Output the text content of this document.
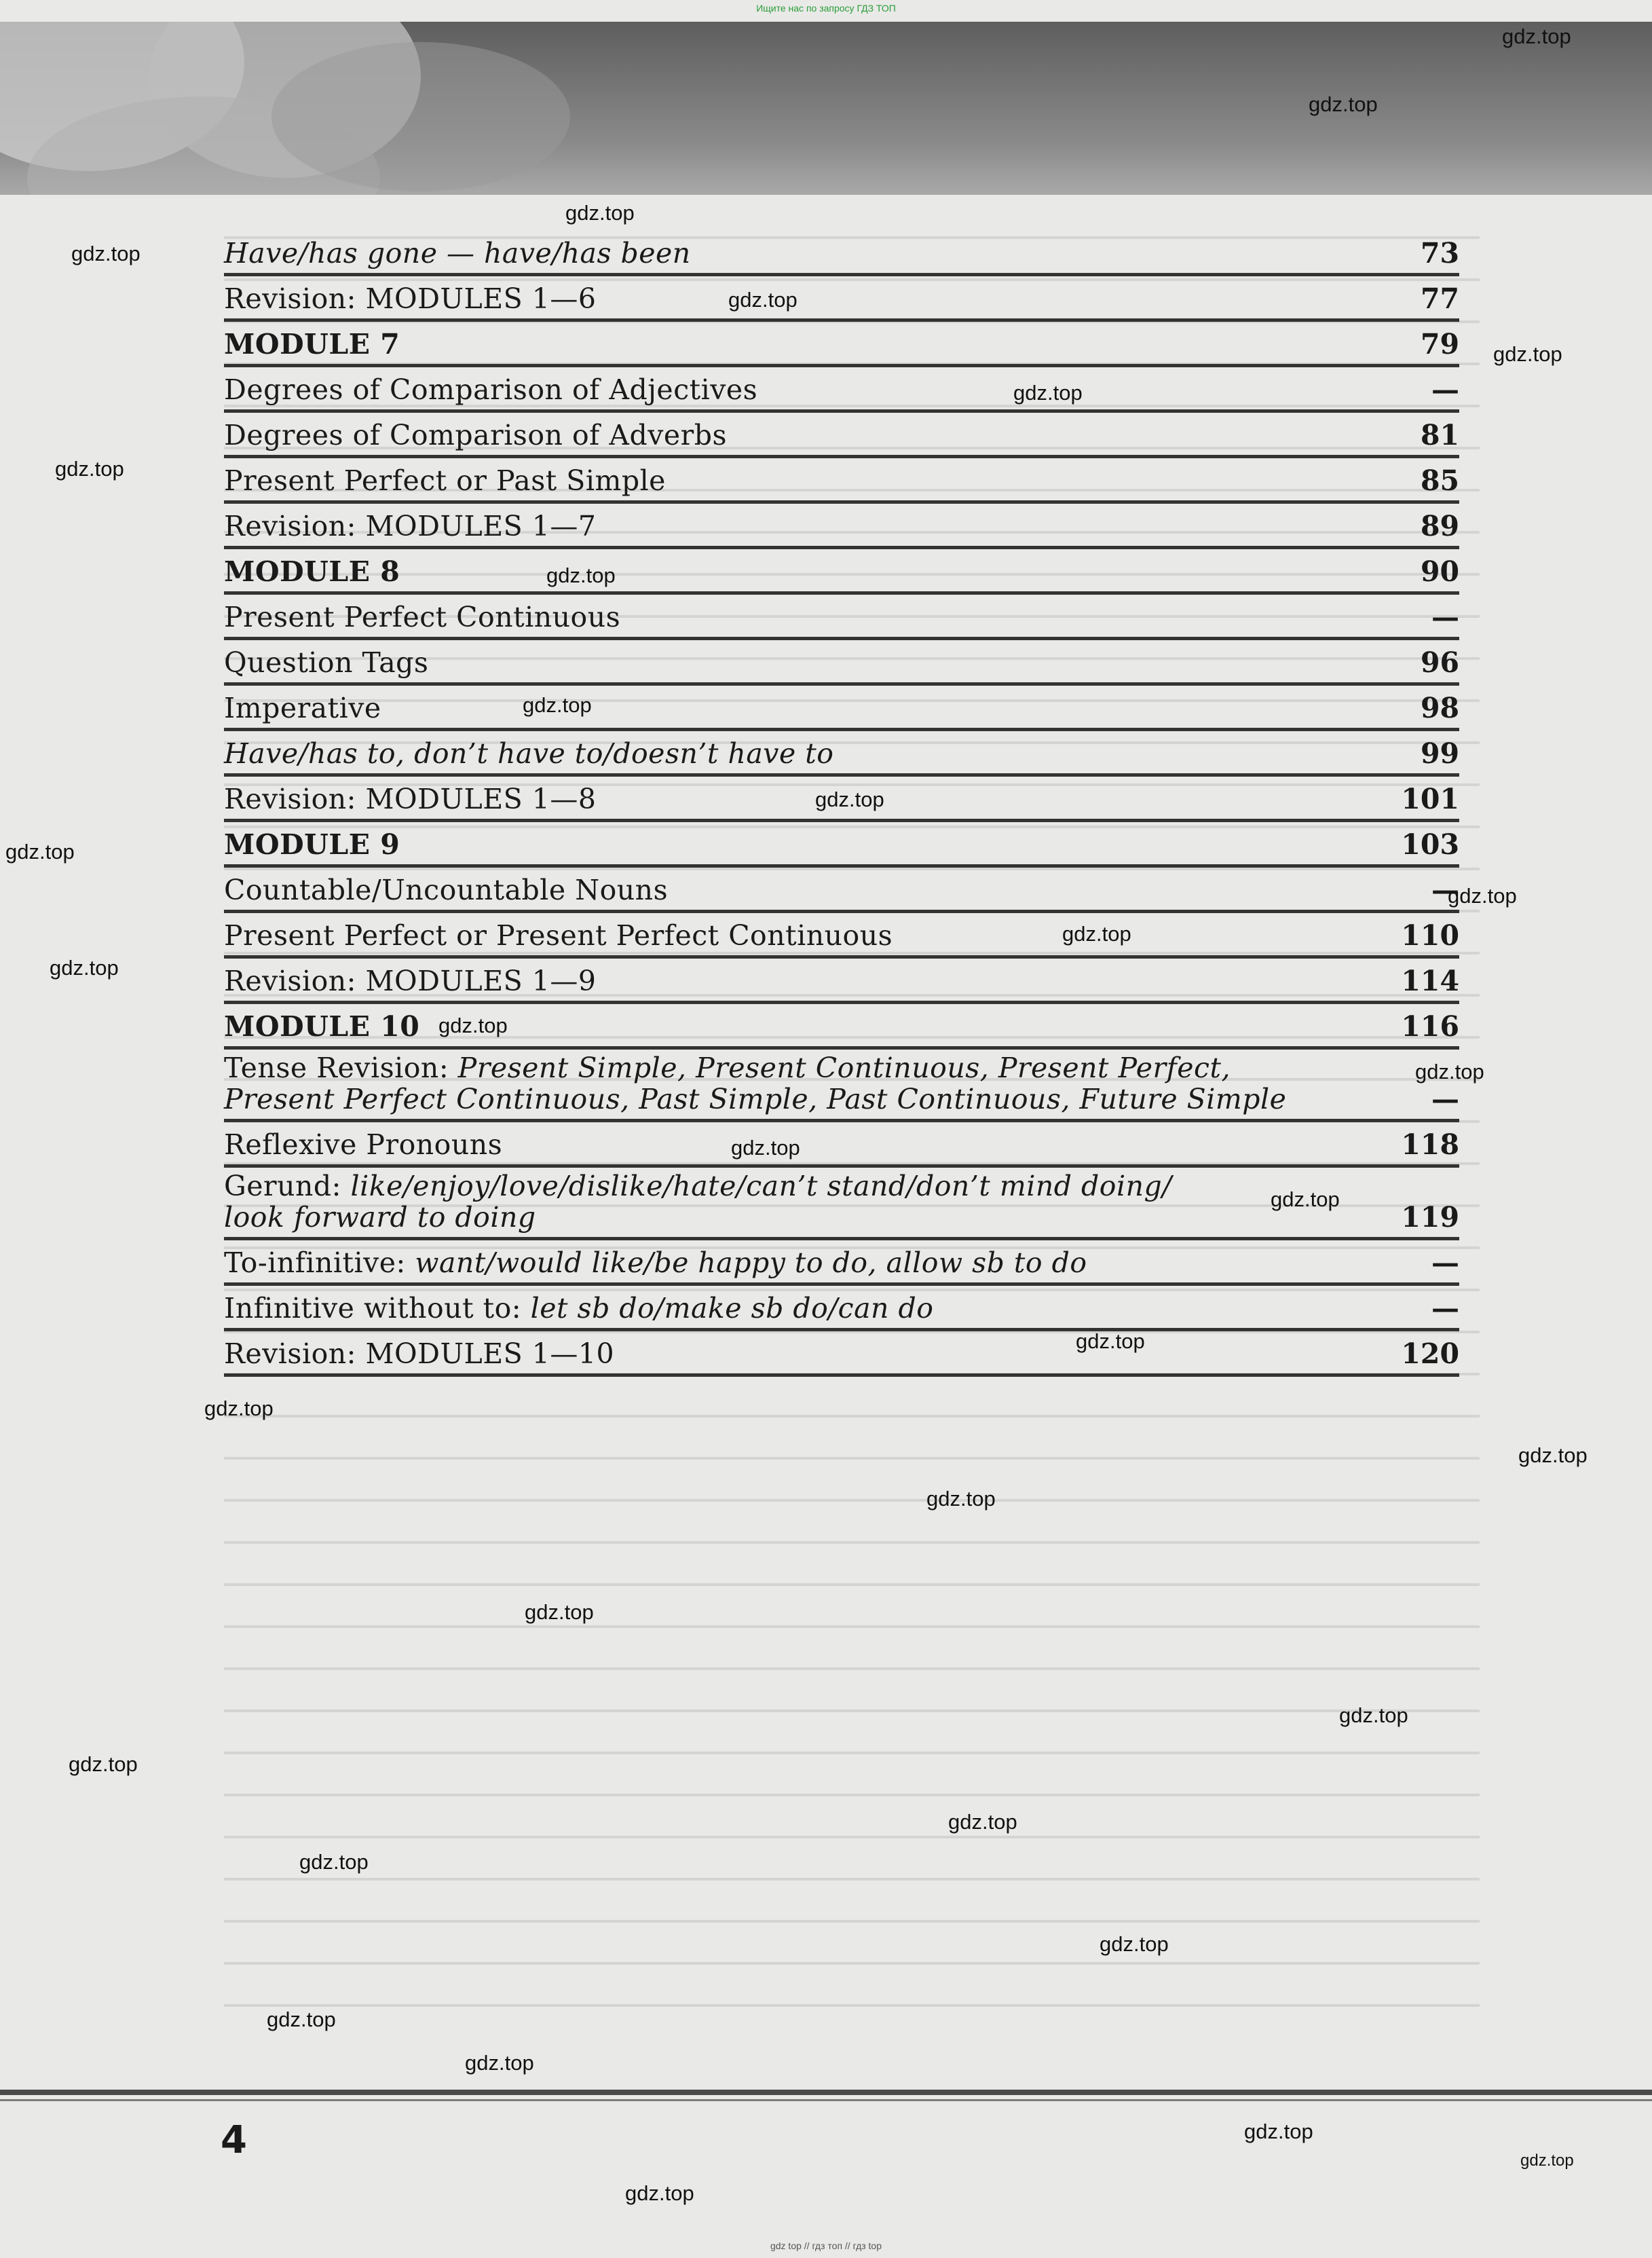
Ищите нас по запросу ГДЗ ТОП
Have/has gone — have/has been	73
Revision: MODULES 1—6	77
MODULE 7	79
Degrees of Comparison of Adjectives	—
Degrees of Comparison of Adverbs	81
Present Perfect or Past Simple	85
Revision: MODULES 1—7	89
MODULE 8	90
Present Perfect Continuous	—
Question Tags	96
Imperative	98
Have/has to, don’t have to/doesn’t have to	99
Revision: MODULES 1—8	101
MODULE 9	103
Countable/Uncountable Nouns	—
Present Perfect or Present Perfect Continuous	110
Revision: MODULES 1—9	114
MODULE 10	116
Tense Revision: Present Simple, Present Continuous, Present Perfect,
Present Perfect Continuous, Past Simple, Past Continuous, Future Simple	—
Reflexive Pronouns	118
Gerund: like/enjoy/love/dislike/hate/can’t stand/don’t mind doing/
look forward to doing	119
To-infinitive: want/would like/be happy to do, allow sb to do	—
Infinitive without to: let sb do/make sb do/can do	—
Revision: MODULES 1—10	120
4
gdz.top
gdz.top
gdz.top
gdz.top
gdz.top
gdz.top
gdz.top
gdz.top
gdz.top
gdz.top
gdz.top
gdz.top
gdz.top
gdz.top
gdz.top
gdz.top
gdz.top
gdz.top
gdz.top
gdz.top
gdz.top
gdz.top
gdz.top
gdz.top
gdz.top
gdz.top
gdz.top
gdz.top
gdz.top
gdz.top
gdz.top
gdz.top
gdz.top
gdz.top
gdz top // гдз топ // гдз top
